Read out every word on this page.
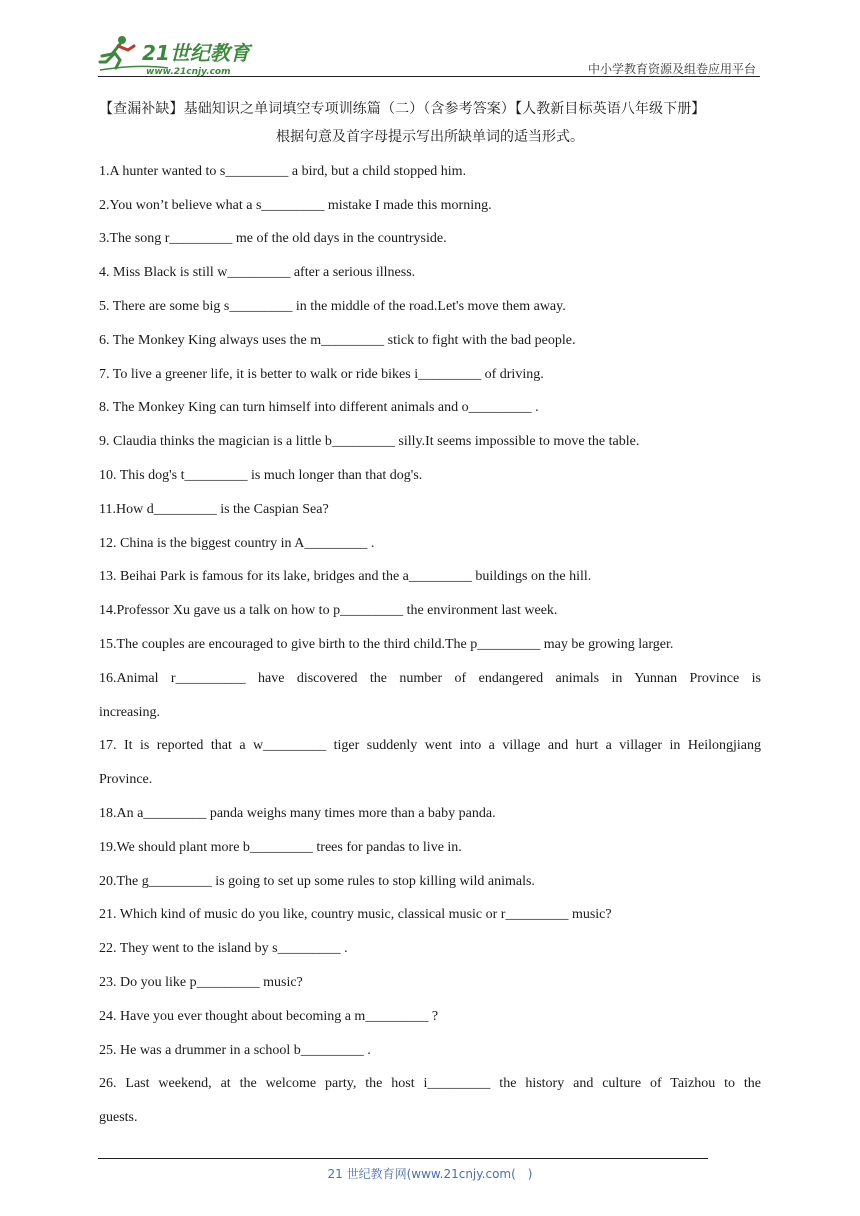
21世纪教育
www.21cnjy.com	中小学教育资源及组卷应用平台
【查漏补缺】基础知识之单词填空专项训练篇（二）（含参考答案）【人教新目标英语八年级下册】
根据句意及首字母提示写出所缺单词的适当形式。
1.A hunter wanted to s_________ a bird, but a child stopped him.
2.You won’t believe what a s_________ mistake I made this morning.
3.The song r_________ me of the old days in the countryside.
4. Miss Black is still w_________ after a serious illness.
5. There are some big s_________ in the middle of the road.Let's move them away.
6. The Monkey King always uses the m_________ stick to fight with the bad people.
7. To live a greener life, it is better to walk or ride bikes i_________ of driving.
8. The Monkey King can turn himself into different animals and o_________ .
9. Claudia thinks the magician is a little b_________ silly.It seems impossible to move the table.
10. This dog's t_________ is much longer than that dog's.
11.How d_________ is the Caspian Sea?
12. China is the biggest country in A_________ .
13. Beihai Park is famous for its lake, bridges and the a_________ buildings on the hill.
14.Professor Xu gave us a talk on how to p_________ the environment last week.
15.The couples are encouraged to give birth to the third child.The p_________ may be growing larger.
16.Animal r__________ have discovered the number of endangered animals in Yunnan Province is
increasing.
17. It is reported that a w_________ tiger suddenly went into a village and hurt a villager in Heilongjiang
Province.
18.An a_________ panda weighs many times more than a baby panda.
19.We should plant more b_________ trees for pandas to live in.
20.The g_________ is going to set up some rules to stop killing wild animals.
21. Which kind of music do you like, country music, classical music or r_________ music?
22. They went to the island by s_________ .
23. Do you like p_________ music?
24. Have you ever thought about becoming a m_________ ?
25. He was a drummer in a school b_________ .
26. Last weekend, at the welcome party, the host i_________ the history and culture of Taizhou to the
guests.
21 世纪教育网(www.21cnjy.com(　)
